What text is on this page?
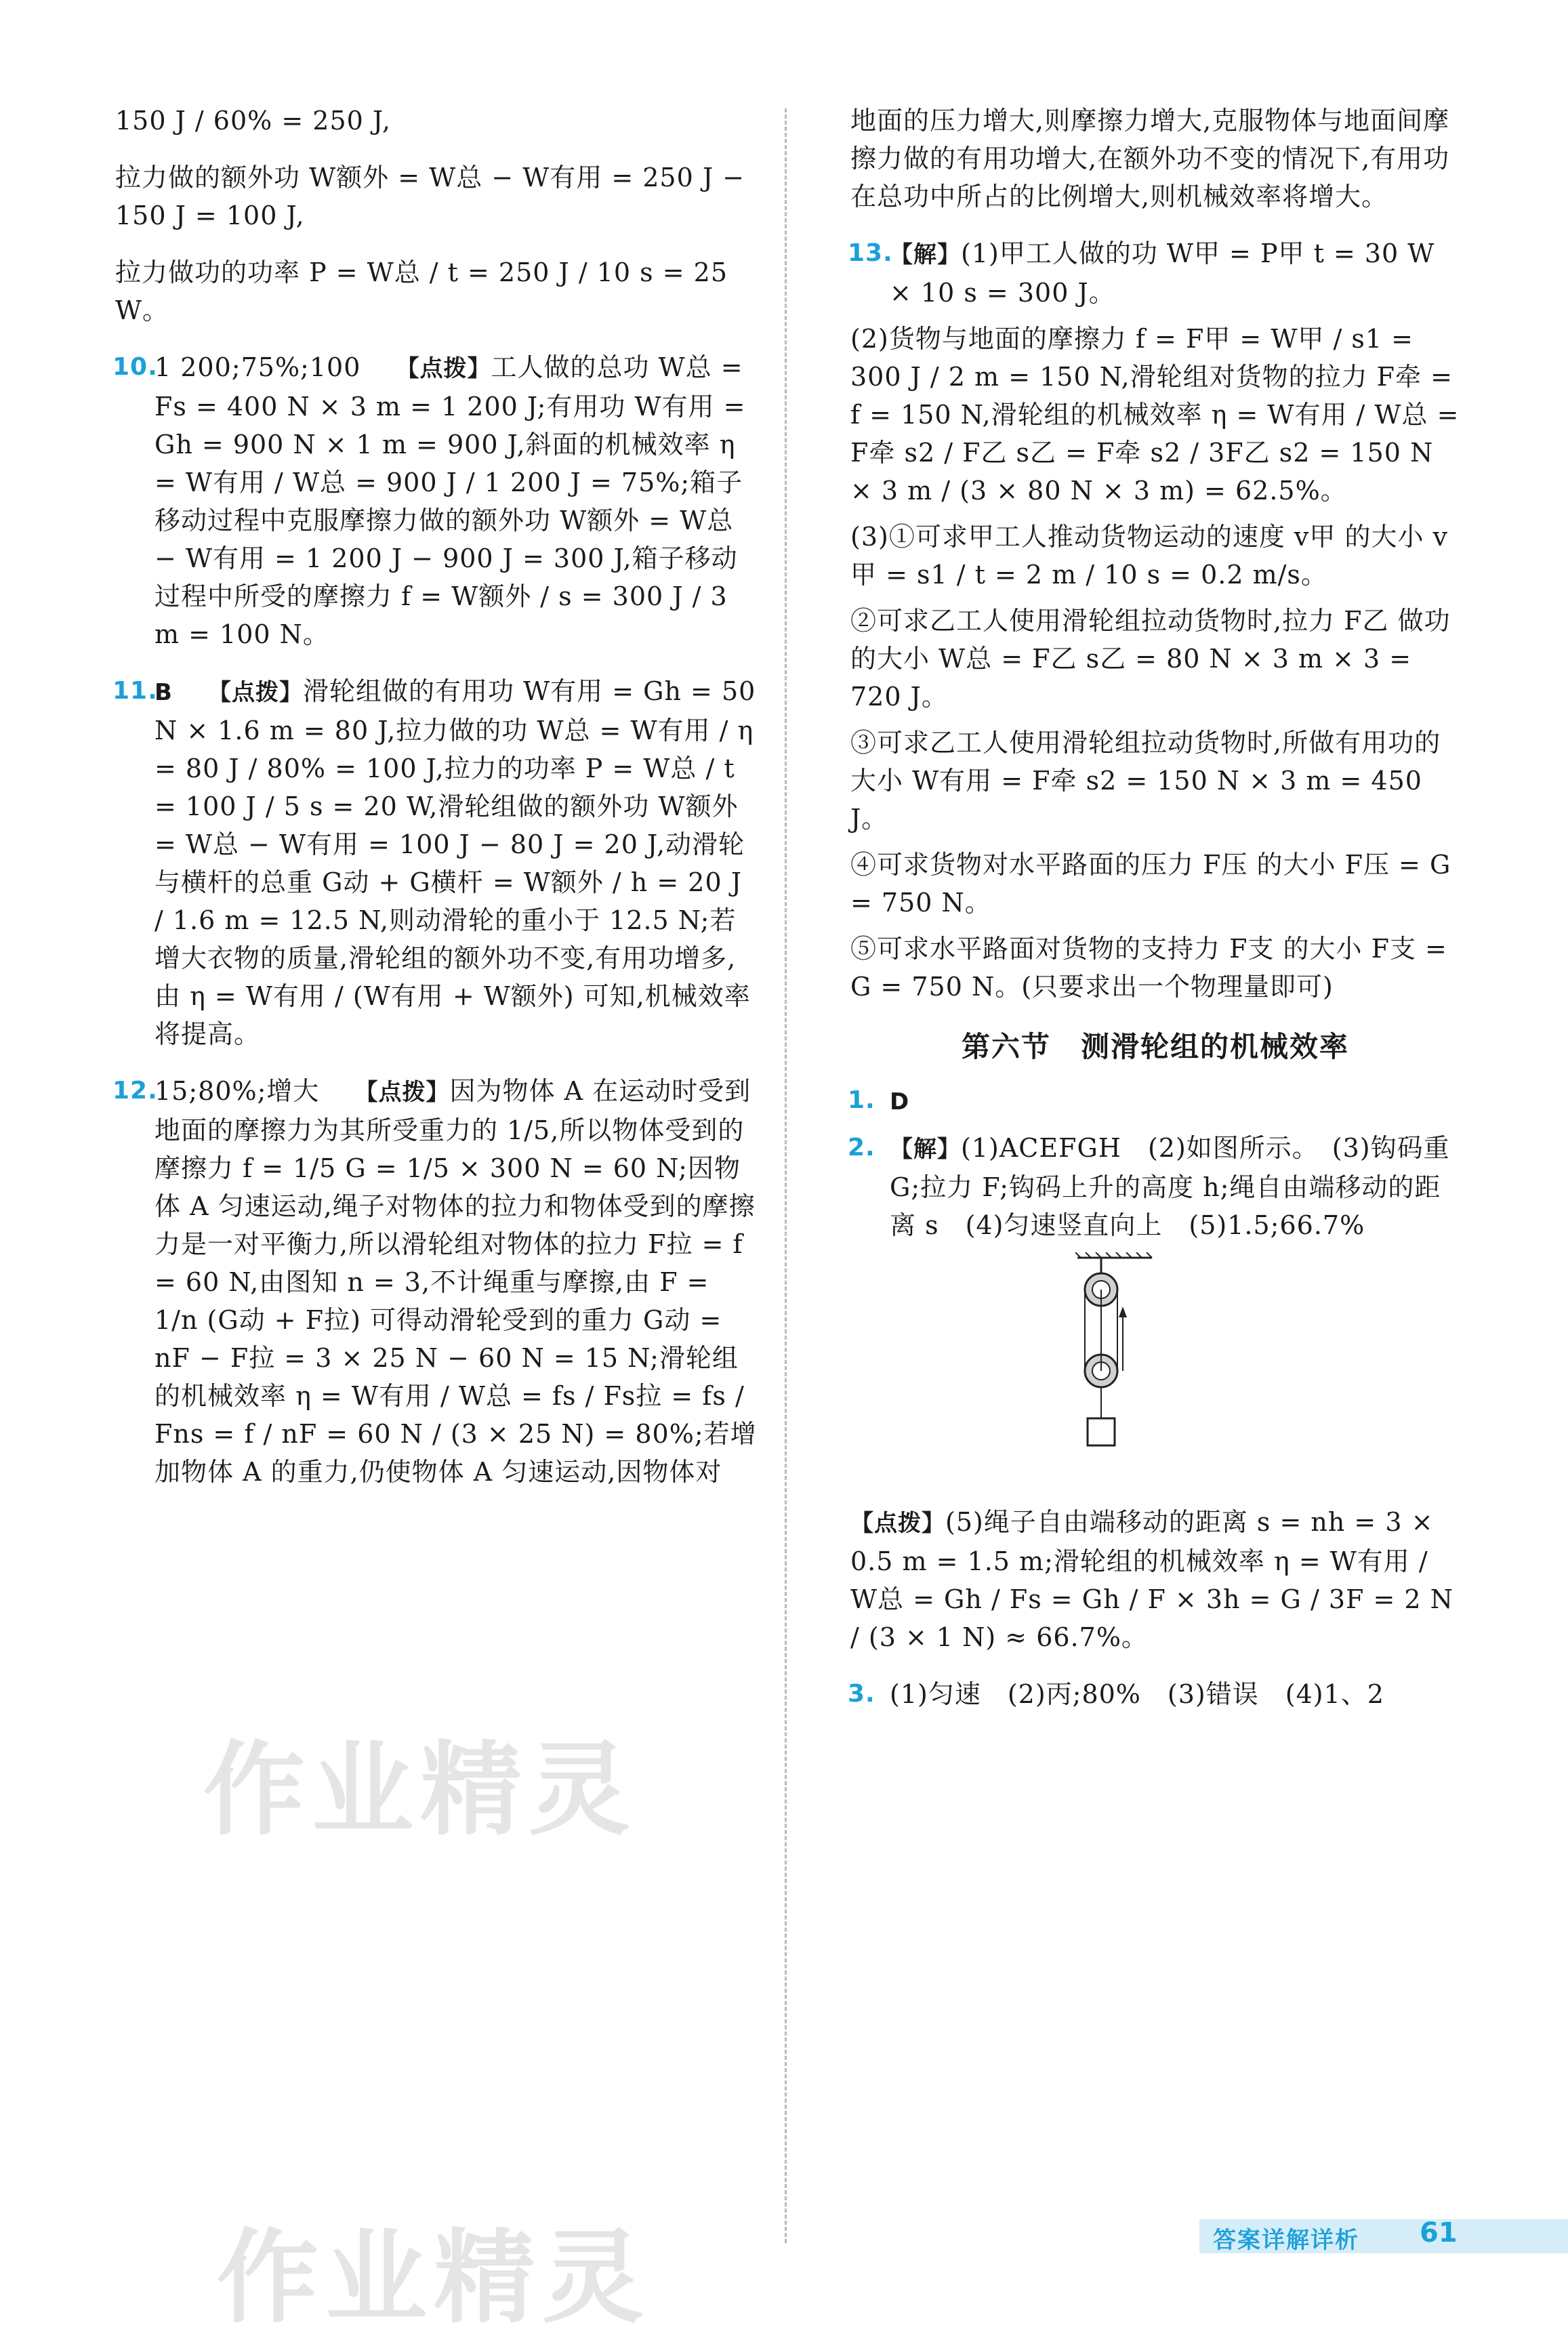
150 J / 60% = 250 J,

拉力做的额外功 W额外 = W总 − W有用 = 250 J − 150 J = 100 J,

拉力做功的功率 P = W总 / t = 250 J / 10 s = 25 W。

10.
1 200;75%;100　 【点拨】工人做的总功 W总 = Fs = 400 N × 3 m = 1 200 J;有用功 W有用 = Gh = 900 N × 1 m = 900 J,斜面的机械效率 η = W有用 / W总 = 900 J / 1 200 J = 75%;箱子移动过程中克服摩擦力做的额外功 W额外 = W总 − W有用 = 1 200 J − 900 J = 300 J,箱子移动过程中所受的摩擦力 f = W额外 / s = 300 J / 3 m = 100 N。
11.
B　 【点拨】滑轮组做的有用功 W有用 = Gh = 50 N × 1.6 m = 80 J,拉力做的功 W总 = W有用 / η = 80 J / 80% = 100 J,拉力的功率 P = W总 / t = 100 J / 5 s = 20 W,滑轮组做的额外功 W额外 = W总 − W有用 = 100 J − 80 J = 20 J,动滑轮与横杆的总重 G动 + G横杆 = W额外 / h = 20 J / 1.6 m = 12.5 N,则动滑轮的重小于 12.5 N;若增大衣物的质量,滑轮组的额外功不变,有用功增多,由 η = W有用 / (W有用 + W额外) 可知,机械效率将提高。
12.
15;80%;增大　 【点拨】因为物体 A 在运动时受到地面的摩擦力为其所受重力的 1/5,所以物体受到的摩擦力 f = 1/5 G = 1/5 × 300 N = 60 N;因物体 A 匀速运动,绳子对物体的拉力和物体受到的摩擦力是一对平衡力,所以滑轮组对物体的拉力 F拉 = f = 60 N,由图知 n = 3,不计绳重与摩擦,由 F = 1/n (G动 + F拉) 可得动滑轮受到的重力 G动 = nF − F拉 = 3 × 25 N − 60 N = 15 N;滑轮组的机械效率 η = W有用 / W总 = fs / Fs拉 = fs / Fns = f / nF = 60 N / (3 × 25 N) = 80%;若增加物体 A 的重力,仍使物体 A 匀速运动,因物体对

地面的压力增大,则摩擦力增大,克服物体与地面间摩擦力做的有用功增大,在额外功不变的情况下,有用功在总功中所占的比例增大,则机械效率将增大。

13.
【解】(1)甲工人做的功 W甲 = P甲 t = 30 W × 10 s = 300 J。

(2)货物与地面的摩擦力 f = F甲 = W甲 / s1 = 300 J / 2 m = 150 N,滑轮组对货物的拉力 F牵 = f = 150 N,滑轮组的机械效率 η = W有用 / W总 = F牵 s2 / F乙 s乙 = F牵 s2 / 3F乙 s2 = 150 N × 3 m / (3 × 80 N × 3 m) = 62.5%。

(3)①可求甲工人推动货物运动的速度 v甲 的大小 v甲 = s1 / t = 2 m / 10 s = 0.2 m/s。

②可求乙工人使用滑轮组拉动货物时,拉力 F乙 做功的大小 W总 = F乙 s乙 = 80 N × 3 m × 3 = 720 J。

③可求乙工人使用滑轮组拉动货物时,所做有用功的大小 W有用 = F牵 s2 = 150 N × 3 m = 450 J。

④可求货物对水平路面的压力 F压 的大小 F压 = G = 750 N。

⑤可求水平路面对货物的支持力 F支 的大小 F支 = G = 750 N。(只要求出一个物理量即可)

第六节　测滑轮组的机械效率
1. D
2. 【解】(1)ACEFGH　(2)如图所示。　(3)钩码重 G;拉力 F;钩码上升的高度 h;绳自由端移动的距离 s　(4)匀速竖直向上　(5)1.5;66.7%

【点拨】(5)绳子自由端移动的距离 s = nh = 3 × 0.5 m = 1.5 m;滑轮组的机械效率 η = W有用 / W总 = Gh / Fs = Gh / F × 3h = G / 3F = 2 N / (3 × 1 N) ≈ 66.7%。

3. (1)匀速　(2)丙;80%　(3)错误　(4)1、2
作业精灵
作业精灵	答案详解详析 61
